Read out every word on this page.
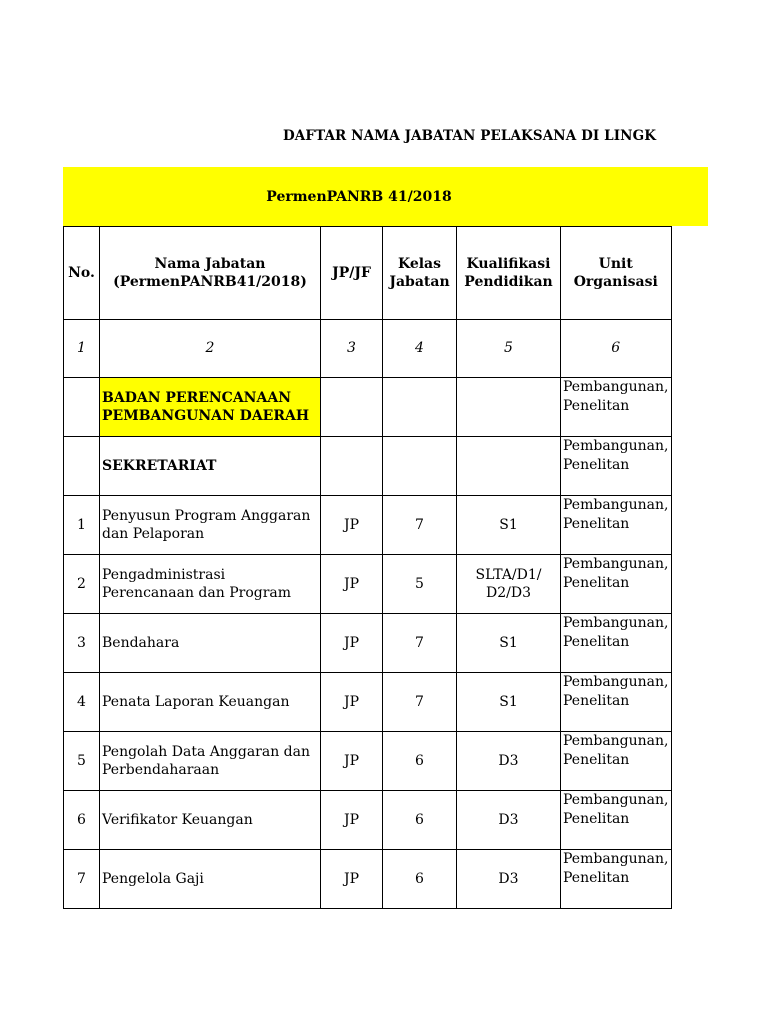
DAFTAR NAMA JABATAN PELAKSANA DI LINGK
PermenPANRB 41/2018
No.	Nama Jabatan (PermenPANRB41/2018)	JP/JF	Kelas Jabatan	Kualifikasi Pendidikan	Unit Organisasi
1	2	3	4	5	6
	BADAN PERENCANAAN PEMBANGUNAN DAERAH				Pembangunan, Penelitan
	SEKRETARIAT				Pembangunan, Penelitan
1	Penyusun Program Anggaran dan Pelaporan	JP	7	S1	Pembangunan, Penelitan
2	Pengadministrasi Perencanaan dan Program	JP	5	SLTA/D1/ D2/D3	Pembangunan, Penelitan
3	Bendahara	JP	7	S1	Pembangunan, Penelitan
4	Penata Laporan Keuangan	JP	7	S1	Pembangunan, Penelitan
5	Pengolah Data Anggaran dan Perbendaharaan	JP	6	D3	Pembangunan, Penelitan
6	Verifikator Keuangan	JP	6	D3	Pembangunan, Penelitan
7	Pengelola Gaji	JP	6	D3	Pembangunan, Penelitan
